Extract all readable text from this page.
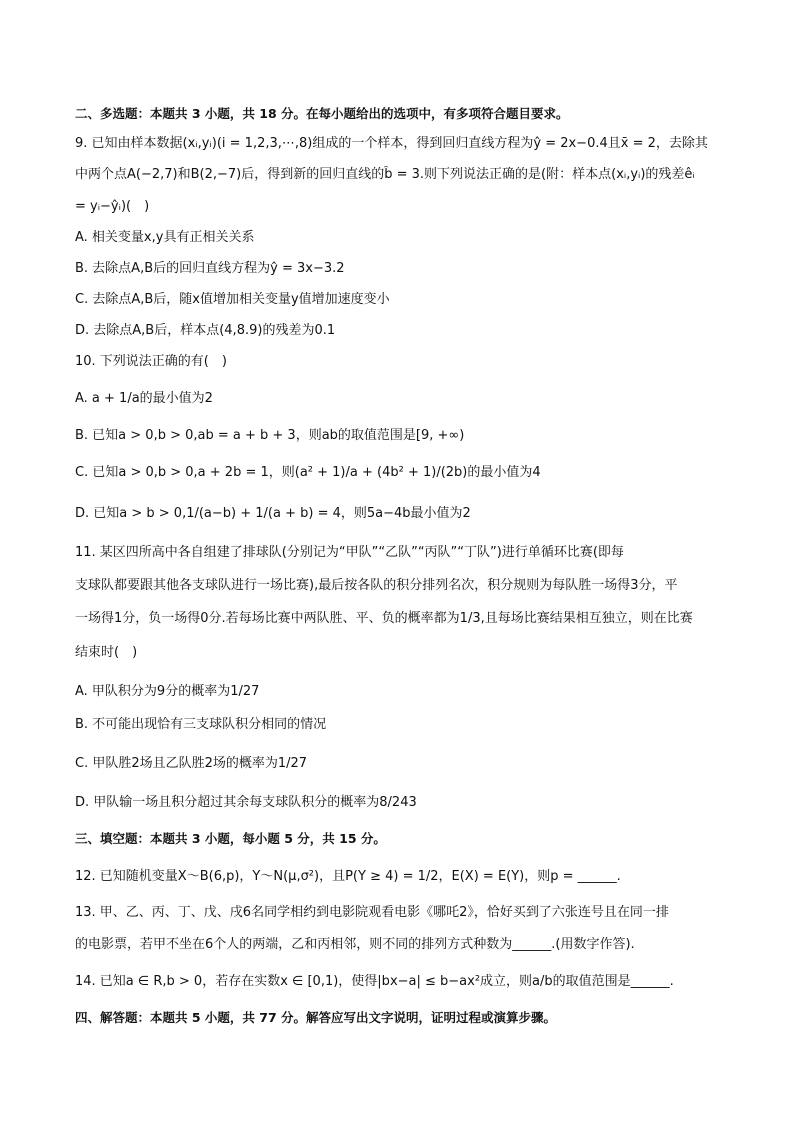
二、多选题：本题共 3 小题，共 18 分。在每小题给出的选项中，有多项符合题目要求。
9. 已知由样本数据(xᵢ,yᵢ)(i = 1,2,3,⋯,8)组成的一个样本，得到回归直线方程为ŷ = 2x−0.4且x̄ = 2，去除其
中两个点A(−2,7)和B(2,−7)后，得到新的回归直线的b̂ = 3.则下列说法正确的是(附：样本点(xᵢ,yᵢ)的残差êᵢ
= yᵢ−ŷᵢ)(　)
A. 相关变量x,y具有正相关关系
B. 去除点A,B后的回归直线方程为ŷ = 3x−3.2
C. 去除点A,B后，随x值增加相关变量y值增加速度变小
D. 去除点A,B后，样本点(4,8.9)的残差为0.1
10. 下列说法正确的有(　)
A. a + 1/a的最小值为2
B. 已知a > 0,b > 0,ab = a + b + 3，则ab的取值范围是[9, +∞)
C. 已知a > 0,b > 0,a + 2b = 1，则(a² + 1)/a + (4b² + 1)/(2b)的最小值为4
D. 已知a > b > 0,1/(a−b) + 1/(a + b) = 4，则5a−4b最小值为2
11. 某区四所高中各自组建了排球队(分别记为“甲队”“乙队”“丙队”“丁队”)进行单循环比赛(即每
支球队都要跟其他各支球队进行一场比赛),最后按各队的积分排列名次，积分规则为每队胜一场得3分，平
一场得1分，负一场得0分.若每场比赛中两队胜、平、负的概率都为1/3,且每场比赛结果相互独立，则在比赛
结束时(　)
A. 甲队积分为9分的概率为1/27
B. 不可能出现恰有三支球队积分相同的情况
C. 甲队胜2场且乙队胜2场的概率为1/27
D. 甲队输一场且积分超过其余每支球队积分的概率为8/243
三、填空题：本题共 3 小题，每小题 5 分，共 15 分。
12. 已知随机变量X～B(6,p)，Y～N(μ,σ²)，且P(Y ≥ 4) = 1/2，E(X) = E(Y)，则p = ______.
13. 甲、乙、丙、丁、戊、戌6名同学相约到电影院观看电影《哪吒2》，恰好买到了六张连号且在同一排
的电影票，若甲不坐在6个人的两端，乙和丙相邻，则不同的排列方式种数为______.(用数字作答).
14. 已知a ∈ R,b > 0，若存在实数x ∈ [0,1)，使得|bx−a| ≤ b−ax²成立，则a/b的取值范围是______.
四、解答题：本题共 5 小题，共 77 分。解答应写出文字说明，证明过程或演算步骤。
